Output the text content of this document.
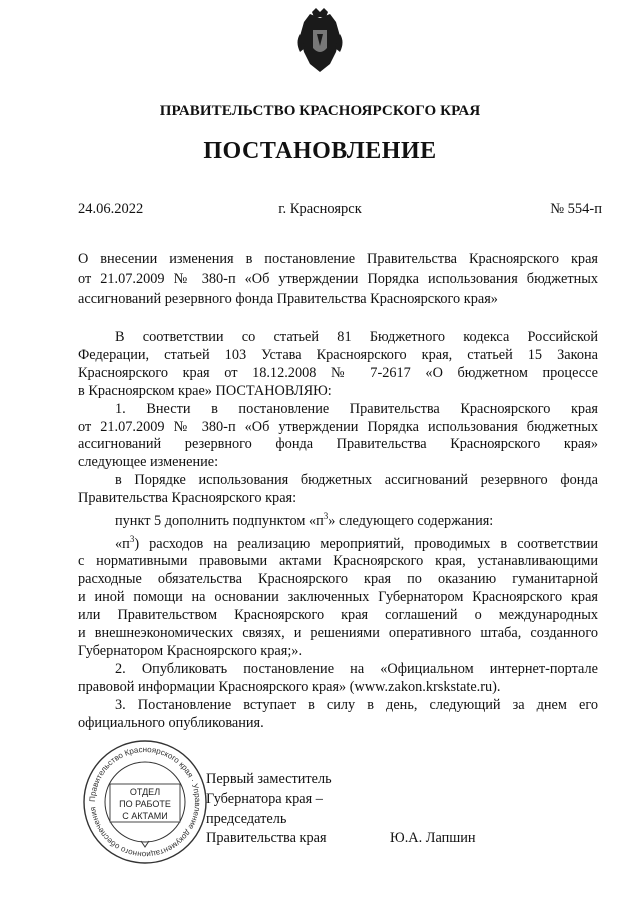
ПРАВИТЕЛЬСТВО КРАСНОЯРСКОГО КРАЯ
ПОСТАНОВЛЕНИЕ
24.06.2022	г. Красноярск	№ 554-п
О внесении изменения в постановление Правительства Красноярского края
от 21.07.2009 № 380-п «Об утверждении Порядка использования бюджетных
ассигнований резервного фонда Правительства Красноярского края»
В соответствии со статьей 81 Бюджетного кодекса Российской
Федерации, статьей 103 Устава Красноярского края, статьей 15 Закона
Красноярского края от 18.12.2008 № 7-2617 «О бюджетном процессе
в Красноярском крае» ПОСТАНОВЛЯЮ:
1. Внести в постановление Правительства Красноярского края
от 21.07.2009 № 380-п «Об утверждении Порядка использования бюджетных
ассигнований резервного фонда Правительства Красноярского края»
следующее изменение:
в Порядке использования бюджетных ассигнований резервного фонда
Правительства Красноярского края:
пункт 5 дополнить подпунктом «$п^3$» следующего содержания:
«$п^3$) расходов на реализацию мероприятий, проводимых в соответствии
с нормативными правовыми актами Красноярского края, устанавливающими
расходные обязательства Красноярского края по оказанию гуманитарной
и иной помощи на основании заключенных Губернатором Красноярского края
или Правительством Красноярского края соглашений о международных
и внешнеэкономических связях, и решениями оперативного штаба, созданного
Губернатором Красноярского края;».
2. Опубликовать постановление на «Официальном интернет-портале
правовой информации Красноярского края» (www.zakon.krskstate.ru).
3. Постановление вступает в силу в день, следующий за днем его
официального опубликования.
Правительство Красноярского края · Управление документационного обеспечения
ОТДЕЛ
ПО РАБОТЕ
С АКТАМИ
Первый заместитель
Губернатора края –
председатель
Правительства края	Ю.А. Лапшин
